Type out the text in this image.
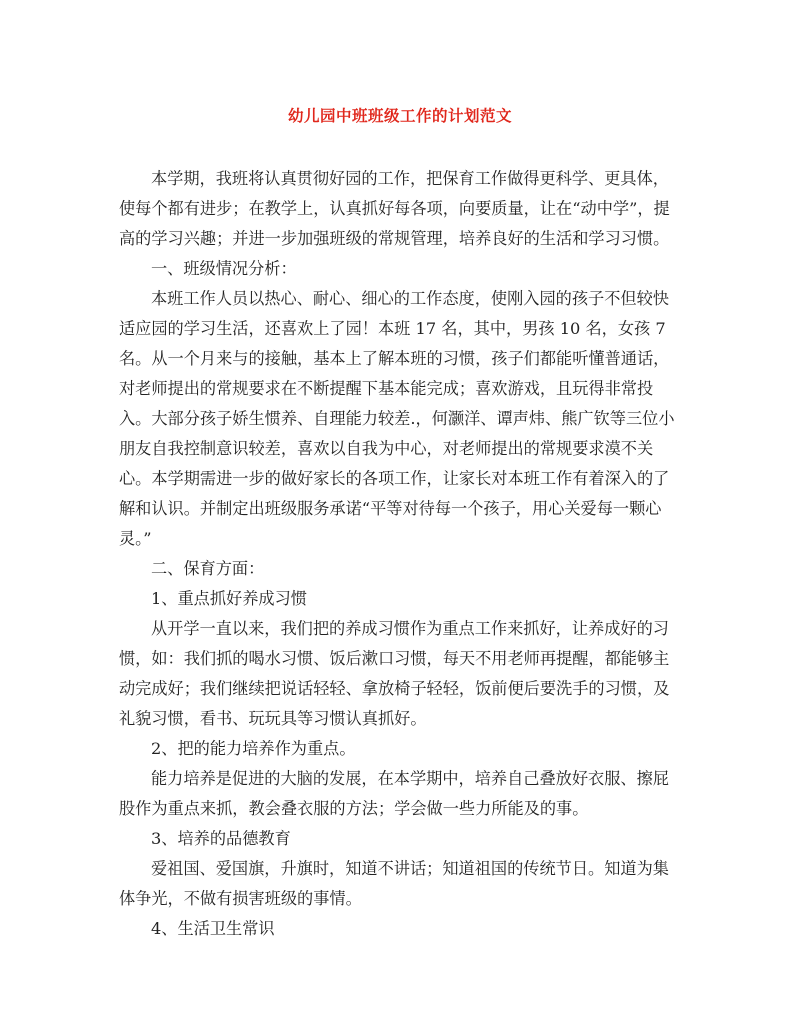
幼儿园中班班级工作的计划范文

本学期，我班将认真贯彻好园的工作，把保育工作做得更科学、更具体，使每个都有进步；在教学上，认真抓好每各项，向要质量，让在“动中学”，提高的学习兴趣；并进一步加强班级的常规管理，培养良好的生活和学习习惯。

一、班级情况分析：

本班工作人员以热心、耐心、细心的工作态度，使刚入园的孩子不但较快适应园的学习生活，还喜欢上了园！本班 17 名，其中，男孩 10 名，女孩 7 名。从一个月来与的接触，基本上了解本班的习惯，孩子们都能听懂普通话，对老师提出的常规要求在不断提醒下基本能完成；喜欢游戏，且玩得非常投入。大部分孩子娇生惯养、自理能力较差.，何灏洋、谭声炜、熊广钦等三位小朋友自我控制意识较差，喜欢以自我为中心，对老师提出的常规要求漠不关心。本学期需进一步的做好家长的各项工作，让家长对本班工作有着深入的了解和认识。并制定出班级服务承诺“平等对待每一个孩子，用心关爱每一颗心灵。”

二、保育方面：

1、重点抓好养成习惯

从开学一直以来，我们把的养成习惯作为重点工作来抓好，让养成好的习惯，如：我们抓的喝水习惯、饭后漱口习惯，每天不用老师再提醒，都能够主动完成好；我们继续把说话轻轻、拿放椅子轻轻，饭前便后要洗手的习惯，及礼貌习惯，看书、玩玩具等习惯认真抓好。

2、把的能力培养作为重点。

能力培养是促进的大脑的发展，在本学期中，培养自己叠放好衣服、擦屁股作为重点来抓，教会叠衣服的方法；学会做一些力所能及的事。

3、培养的品德教育

爱祖国、爱国旗，升旗时，知道不讲话；知道祖国的传统节日。知道为集体争光，不做有损害班级的事情。

4、生活卫生常识
